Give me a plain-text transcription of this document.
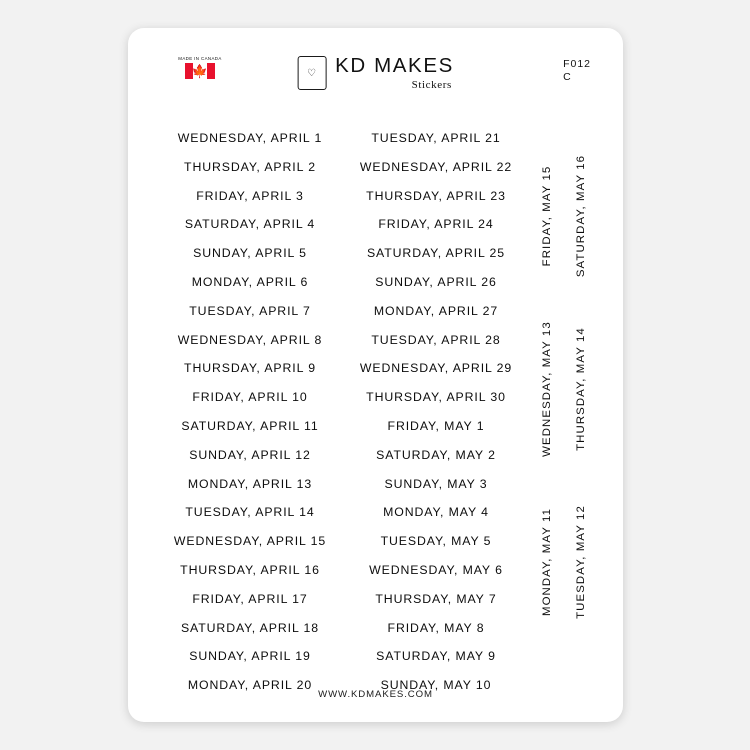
MADE IN CANADA
🍁	♡ KD MAKES
Stickers
F012
C
WEDNESDAY, APRIL 1
THURSDAY, APRIL 2
FRIDAY, APRIL 3
SATURDAY, APRIL 4
SUNDAY, APRIL 5
MONDAY, APRIL 6
TUESDAY, APRIL 7
WEDNESDAY, APRIL 8
THURSDAY, APRIL 9
FRIDAY, APRIL 10
SATURDAY, APRIL 11
SUNDAY, APRIL 12
MONDAY, APRIL 13
TUESDAY, APRIL 14
WEDNESDAY, APRIL 15
THURSDAY, APRIL 16
FRIDAY, APRIL 17
SATURDAY, APRIL 18
SUNDAY, APRIL 19
MONDAY, APRIL 20
TUESDAY, APRIL 21
WEDNESDAY, APRIL 22
THURSDAY, APRIL 23
FRIDAY, APRIL 24
SATURDAY, APRIL 25
SUNDAY, APRIL 26
MONDAY, APRIL 27
TUESDAY, APRIL 28
WEDNESDAY, APRIL 29
THURSDAY, APRIL 30
FRIDAY, MAY 1
SATURDAY, MAY 2
SUNDAY, MAY 3
MONDAY, MAY 4
TUESDAY, MAY 5
WEDNESDAY, MAY 6
THURSDAY, MAY 7
FRIDAY, MAY 8
SATURDAY, MAY 9
SUNDAY, MAY 10
FRIDAY, MAY 15
WEDNESDAY, MAY 13
MONDAY, MAY 11
SATURDAY, MAY 16
THURSDAY, MAY 14
TUESDAY, MAY 12
WWW.KDMAKES.COM
